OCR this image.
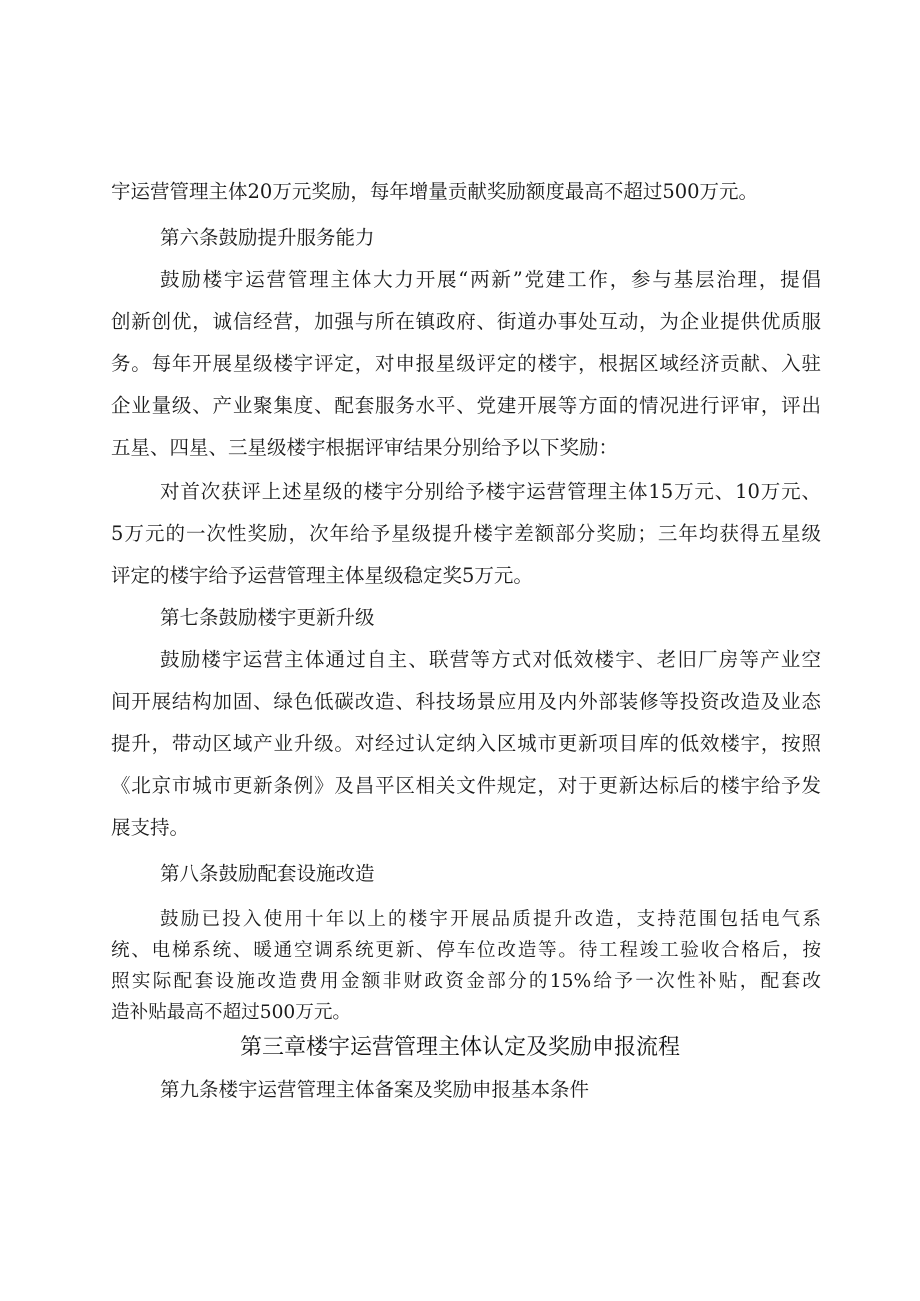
宇运营管理主体20万元奖励，每年增量贡献奖励额度最高不超过500万元。
第六条鼓励提升服务能力
鼓励楼宇运营管理主体大力开展“两新”党建工作，参与基层治理，提倡
创新创优，诚信经营，加强与所在镇政府、街道办事处互动，为企业提供优质服
务。每年开展星级楼宇评定，对申报星级评定的楼宇，根据区域经济贡献、入驻
企业量级、产业聚集度、配套服务水平、党建开展等方面的情况进行评审，评出
五星、四星、三星级楼宇根据评审结果分别给予以下奖励：
对首次获评上述星级的楼宇分别给予楼宇运营管理主体15万元、10万元、
5万元的一次性奖励，次年给予星级提升楼宇差额部分奖励；三年均获得五星级
评定的楼宇给予运营管理主体星级稳定奖5万元。
第七条鼓励楼宇更新升级
鼓励楼宇运营主体通过自主、联营等方式对低效楼宇、老旧厂房等产业空
间开展结构加固、绿色低碳改造、科技场景应用及内外部装修等投资改造及业态
提升，带动区域产业升级。对经过认定纳入区城市更新项目库的低效楼宇，按照
《北京市城市更新条例》及昌平区相关文件规定，对于更新达标后的楼宇给予发
展支持。
第八条鼓励配套设施改造
鼓励已投入使用十年以上的楼宇开展品质提升改造，支持范围包括电气系
统、电梯系统、暖通空调系统更新、停车位改造等。待工程竣工验收合格后，按
照实际配套设施改造费用金额非财政资金部分的15%给予一次性补贴，配套改
造补贴最高不超过500万元。
第三章楼宇运营管理主体认定及奖励申报流程
第九条楼宇运营管理主体备案及奖励申报基本条件
